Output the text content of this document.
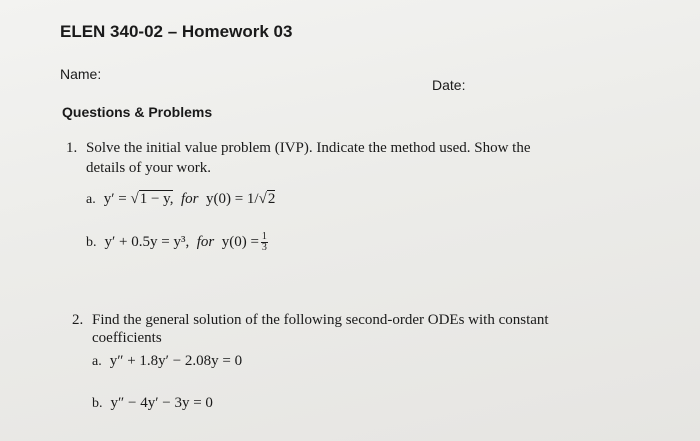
ELEN 340-02 – Homework 03
Name:
Date:
Questions & Problems
1. Solve the initial value problem (IVP). Indicate the method used. Show the
details of your work.
a. y′ = √1 − y, for y(0) = 1/√2
b. y′ + 0.5y = y³, for $y(0) = \frac{1}{3}$
2. Find the general solution of the following second-order ODEs with constant
coefficients
a. y″ + 1.8y′ − 2.08y = 0
b. y″ − 4y′ − 3y = 0
